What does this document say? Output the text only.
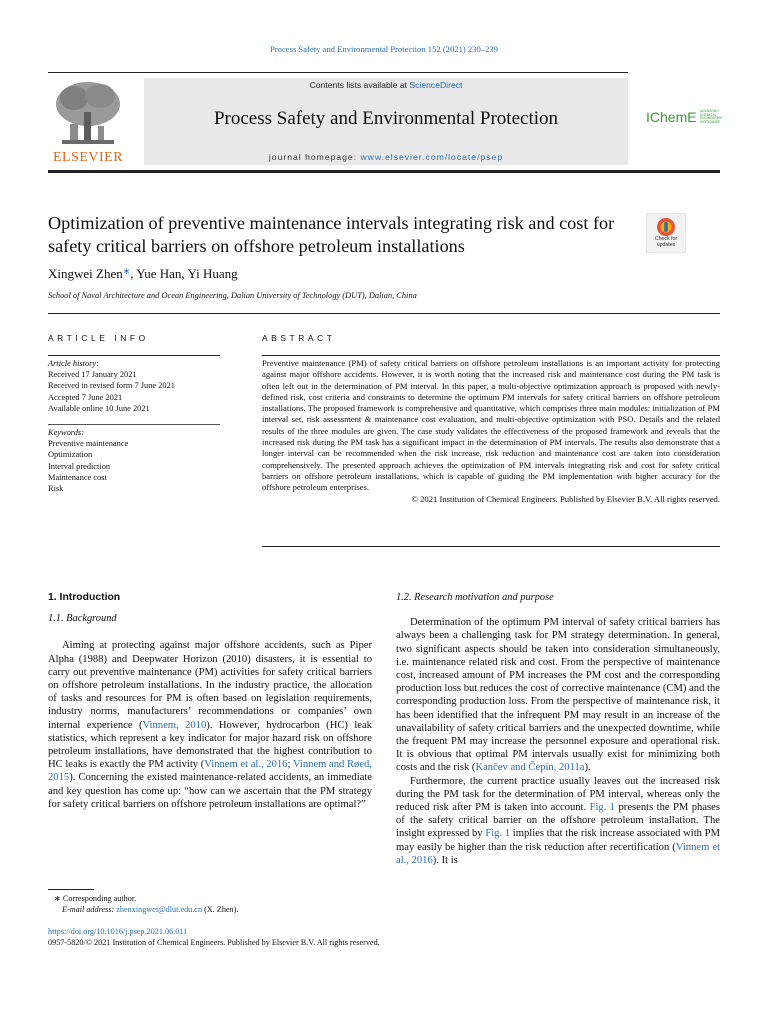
Process Safety and Environmental Protection 152 (2021) 230–239
ELSEVIER
Contents lists available at ScienceDirect
Process Safety and Environmental Protection
journal homepage: www.elsevier.com/locate/psep
IChemE ADVANCING CHEMICAL ENGINEERING WORLDWIDE
Optimization of preventive maintenance intervals integrating risk and cost for safety critical barriers on offshore petroleum installations	Check for updates
Xingwei Zhen∗, Yue Han, Yi Huang
School of Naval Architecture and Ocean Engineering, Dalian University of Technology (DUT), Dalian, China
ARTICLE INFO	ABSTRACT
Article history:
Received 17 January 2021
Received in revised form 7 June 2021
Accepted 7 June 2021
Available online 10 June 2021
Keywords:
Preventive maintenance
Optimization
Interval prediction
Maintenance cost
Risk
Preventive maintenance (PM) of safety critical barriers on offshore petroleum installations is an important activity for protecting against major offshore accidents. However, it is worth noting that the increased risk and maintenance cost during the PM task is often left out in the determination of PM interval. In this paper, a multi-objective optimization approach is proposed with newly-defined risk, cost criteria and constraints to determine the optimum PM intervals for safety critical barriers on offshore petroleum installations. The proposed framework is comprehensive and quantitative, which comprises three main modules: initialization of PM interval set, risk assessment & maintenance cost evaluation, and multi-objective optimization with PSO. Details and the related results of the three modules are given. The case study validates the effectiveness of the proposed framework and reveals that the increased risk during the PM task has a significant impact in the determination of PM intervals. The results also demonstrate that a longer interval can be recommended when the risk increase, risk reduction and maintenance cost are taken into consideration comprehensively. The presented approach achieves the optimization of PM intervals integrating risk and cost for safety critical barriers on offshore petroleum installations, which is capable of guiding the PM implementation with higher accuracy for the offshore petroleum enterprises.
© 2021 Institution of Chemical Engineers. Published by Elsevier B.V. All rights reserved.
1. Introduction
1.1. Background
Aiming at protecting against major offshore accidents, such as Piper Alpha (1988) and Deepwater Horizon (2010) disasters, it is essential to carry out preventive maintenance (PM) activities for safety critical barriers on offshore petroleum installations. In the industry practice, the allocation of tasks and resources for PM is often based on legislation requirements, industry norms, manufacturers’ recommendations or companies’ own internal experience (Vinnem, 2010). However, hydrocarbon (HC) leak statistics, which represent a key indicator for major hazard risk on offshore petroleum installations, have demonstrated that the highest contribution to HC leaks is exactly the PM activity (Vinnem et al., 2016; Vinnem and Røed, 2015). Concerning the existed maintenance-related accidents, an immediate and key question has come up: “how can we ascertain that the PM strategy for safety critical barriers on offshore petroleum installations are optimal?”
1.2. Research motivation and purpose
Determination of the optimum PM interval of safety critical barriers has always been a challenging task for PM strategy determination. In general, two significant aspects should be taken into consideration simultaneously, i.e. maintenance related risk and cost. From the perspective of maintenance cost, increased amount of PM increases the PM cost and the corresponding production loss but reduces the cost of corrective maintenance (CM) and the corresponding production loss. From the perspective of maintenance risk, it has been identified that the infrequent PM may result in an increase of the unavailability of safety critical barriers and the unexpected downtime, while the frequent PM may increase the personnel exposure and operational risk. It is obvious that optimal PM intervals usually exist for minimizing both costs and the risk (Kančev and Čepin, 2011a).
Furthermore, the current practice usually leaves out the increased risk during the PM task for the determination of PM interval, whereas only the reduced risk after PM is taken into account. Fig. 1 presents the PM phases of the safety critical barrier on the offshore petroleum installation. The insight expressed by Fig. 1 implies that the risk increase associated with PM may easily be higher than the risk reduction after recertification (Vinnem et al., 2016). It is
∗ Corresponding author.
E-mail address: zhenxingwei@dlut.edu.cn (X. Zhen).
https://doi.org/10.1016/j.psep.2021.06.011
0957-5820/© 2021 Institution of Chemical Engineers. Published by Elsevier B.V. All rights reserved.
